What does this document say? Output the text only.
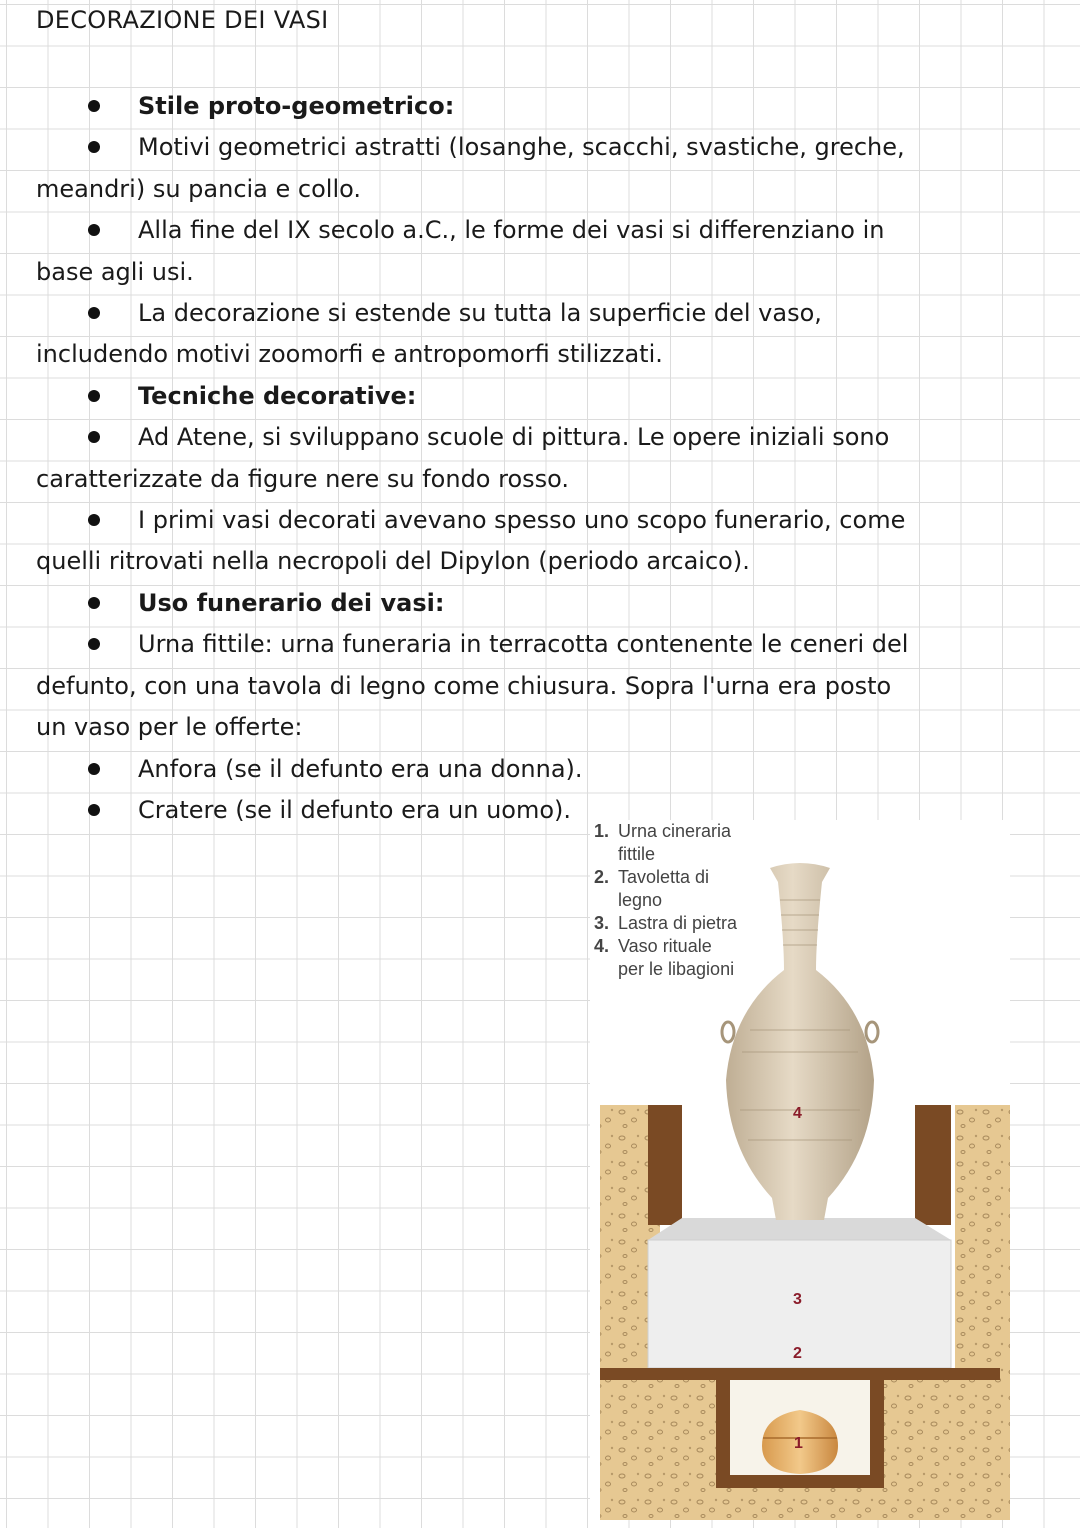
DECORAZIONE DEI VASI
Stile proto-geometrico:
Motivi geometrici astratti (losanghe, scacchi, svastiche, greche, meandri) su pancia e collo.
Alla fine del IX secolo a.C., le forme dei vasi si differenziano in base agli usi.
La decorazione si estende su tutta la superficie del vaso, includendo motivi zoomorfi e antropomorfi stilizzati.
Tecniche decorative:
Ad Atene, si sviluppano scuole di pittura. Le opere iniziali sono caratterizzate da figure nere su fondo rosso.
I primi vasi decorati avevano spesso uno scopo funerario, come quelli ritrovati nella necropoli del Dipylon (periodo arcaico).
Uso funerario dei vasi:
Urna fittile: urna funeraria in terracotta contenente le ceneri del defunto, con una tavola di legno come chiusura. Sopra l'urna era posto un vaso per le offerte:
Anfora (se il defunto era una donna).
Cratere (se il defunto era un uomo).
4
3
2
1
1. Urna cineraria fittile
2. Tavoletta di legno
3. Lastra di pietra
4. Vaso rituale per le libagioni
